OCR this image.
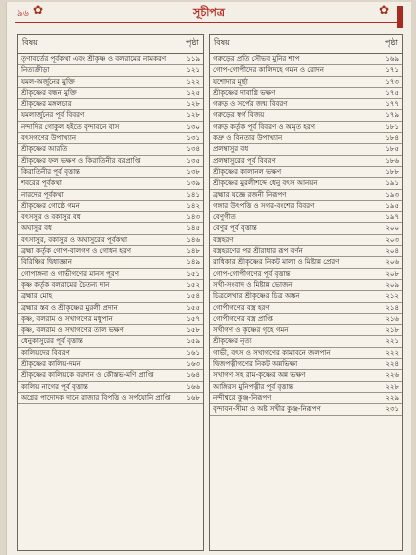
✿	✿
৯৬	সূচীপত্র
বিষয়	পৃষ্ঠা
তৃণাবর্তের পূর্বকথা এবং শ্রীকৃষ্ণ ও বলরামের নামকরণ	১১৯
নিত্যক্রীড়া	১২১
যমল-অর্জুনের মুক্তি	১২২
শ্রীকৃষ্ণের বন্ধন মুক্তি	১২৫
শ্রীকৃষ্ণের মঙ্গলচার	১২৮
যমলার্জুনের পূর্ব বিবরণ	১২৮
নন্দাদির গোকুল হইতে বৃন্দাবনে বাস	১৩০
বৎসগণের উপাখ্যান	১৩১
শ্রীকৃষ্ণের আরতি	১৩৪
শ্রীকৃষ্ণের ফল ভক্ষণ ও কিরাতিনীর বরপ্রাপ্তি	১৩৫
কিরাতিনীর পূর্ব বৃত্তান্ত	১৩৮
শবরের পূর্বকথা	১৩৯
নারদের পূর্বকথা	১৪১
শ্রীকৃষ্ণের গোষ্ঠে গমন	১৪২
বৎসসুর ও বকাসুর বধ	১৪৩
অঘাসুর বধ	১৪৫
বৎসাসুর, বকাসুর ও অঘাসুরের পূর্বকথা	১৪৬
ব্রহ্মা কর্তৃক গোপ-বালগণ ও গোধন হরণ	১৪৮
বিরিঞ্চির দ্বিধাজ্ঞান	১৪৯
গোপাঙ্গনা ও গাভীগণের মানস পূরণ	১৫১
কৃষ্ণ কর্তৃক বলরামের চৈতন্য দান	১৫২
ব্রহ্মার মোহ	১৫৪
ব্রহ্মার স্তব ও শ্রীকৃষ্ণের মুরলী প্রদান	১৫৫
কৃষ্ণ, বলরাম ও সখাগণের মধুপান	১৫৭
কৃষ্ণ, বলরাম ও সখাগণের তাল ভক্ষণ	১৫৮
ধেনুকাসুরের পূর্ব বৃত্তান্ত	১৫৯
কালিয়দের বিবরণ	১৬১
শ্রীকৃষ্ণের কালিয়-দমন	১৬৩
শ্রীকৃষ্ণের কালিয়কে বরদান ও কৌস্তভ-মণি প্রাপ্তি	১৬৪
কালিয় নাগের পূর্ব বৃত্তান্ত	১৬৬
অগ্নের পাদোদক দানে রাজার বিপত্তি ও সর্পযোনি প্রাপ্তি	১৬৮
বিষয়	পৃষ্ঠা
গরুড়ের প্রতি সৌভব মুনির শাপ	১৬৯
গোপ-গোপীদের কালিদহে গমন ও রোদন	১৭১
যশোদার মূর্ছা	১৭৩
শ্রীকৃষ্ণের দাবাগ্নি ভক্ষণ	১৭৫
গরুড় ও সর্পের জন্ম বিবরণ	১৭৭
গরুড়ের স্বর্গ বিজয়	১৭৯
গরুড় কর্তৃক পূর্ব বিবরণ ও অমৃত হরণ	১৮১
কদ্রু ও বিনতার উপাখ্যান	১৮৪
প্রলম্বাসুর বধ	১৮৫
প্রলম্বাসুরের পূর্ব বিবরণ	১৮৬
শ্রীকৃষ্ণের কালানল ভক্ষণ	১৮৮
শ্রীকৃষ্ণের মুরলীশব্দে ধেনু বৎস আনয়ন	১৯১
ব্রহ্মার যজ্ঞে রজনী নিরূপণ	১৯৩
গঙ্গার উৎপত্তি ও সগর-বংশের বিবরণ	১৯৫
বেণুগীত	১৯৭
বেণুর পূর্ব বৃত্তান্ত	২০০
বস্ত্রহরণ	২০৩
বস্ত্রহরণের পর শ্রীরাধার রূপ বর্ণন	২০৪
রাধিকার শ্রীকৃষ্ণের নিকট মালা ও মিষ্টান্ন প্রেরণ	২০৬
গোপ-গোপীগণের পূর্ব বৃত্তান্ত	২০৮
সখী-সংবাদ ও মিষ্টান্ন ভোজন	২০৯
চিত্রলেখার শ্রীকৃষ্ণের চিত্র অঙ্কন	২১২
গোপীগণের বস্ত্র হরণ	২১৪
গোপীগণের বস্ত্র প্রাপ্তি	২১৬
সখীগণ ও কৃষ্ণের গৃহে গমন	২১৮
শ্রীকৃষ্ণের নৃত্য	২২১
গাভী, বৎস ও সখাগণের কামাবনে জলপান	২২২
দ্বিজপত্নীগণের নিকট অন্নভিক্ষা	২২৪
সখাগণ সহ রাম-কৃষ্ণের অন্ন ভক্ষণ	২২৬
আঙ্গিরস মুনিপত্নীর পূর্ব বৃত্তান্ত	২২৮
নন্দীশ্বরে কুঞ্জ-নিরূপণ	২২৯
বৃন্দাবন-সীমা ও অষ্ট সখীর কুঞ্জ-নিরূপণ	২৩১
